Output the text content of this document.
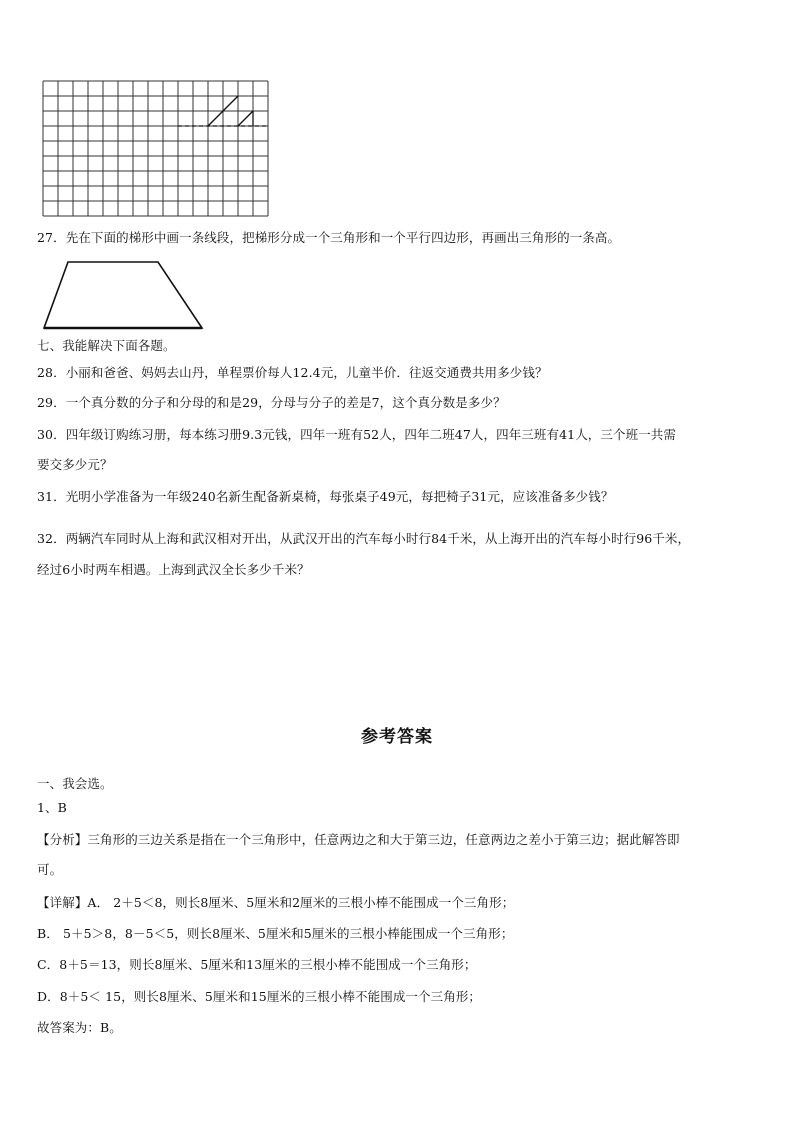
27．先在下面的梯形中画一条线段，把梯形分成一个三角形和一个平行四边形，再画出三角形的一条高。
七、我能解决下面各题。
28．小丽和爸爸、妈妈去山丹，单程票价每人12.4元，儿童半价．往返交通费共用多少钱？
29．一个真分数的分子和分母的和是29，分母与分子的差是7，这个真分数是多少？
30．四年级订购练习册，每本练习册9.3元钱，四年一班有52人，四年二班47人，四年三班有41人，三个班一共需
要交多少元？
31．光明小学准备为一年级240名新生配备新桌椅，每张桌子49元，每把椅子31元，应该准备多少钱？
32．两辆汽车同时从上海和武汉相对开出，从武汉开出的汽车每小时行84千米，从上海开出的汽车每小时行96千米，
经过6小时两车相遇。上海到武汉全长多少千米？
参考答案
一、我会选。
1、B
【分析】三角形的三边关系是指在一个三角形中，任意两边之和大于第三边，任意两边之差小于第三边；据此解答即
可。
【详解】A． 2＋5＜8，则长8厘米、5厘米和2厘米的三根小棒不能围成一个三角形；
B． 5＋5＞8，8－5＜5，则长8厘米、5厘米和5厘米的三根小棒能围成一个三角形；
C．8＋5＝13，则长8厘米、5厘米和13厘米的三根小棒不能围成一个三角形；
D．8＋5＜ 15，则长8厘米、5厘米和15厘米的三根小棒不能围成一个三角形；
故答案为：B。
